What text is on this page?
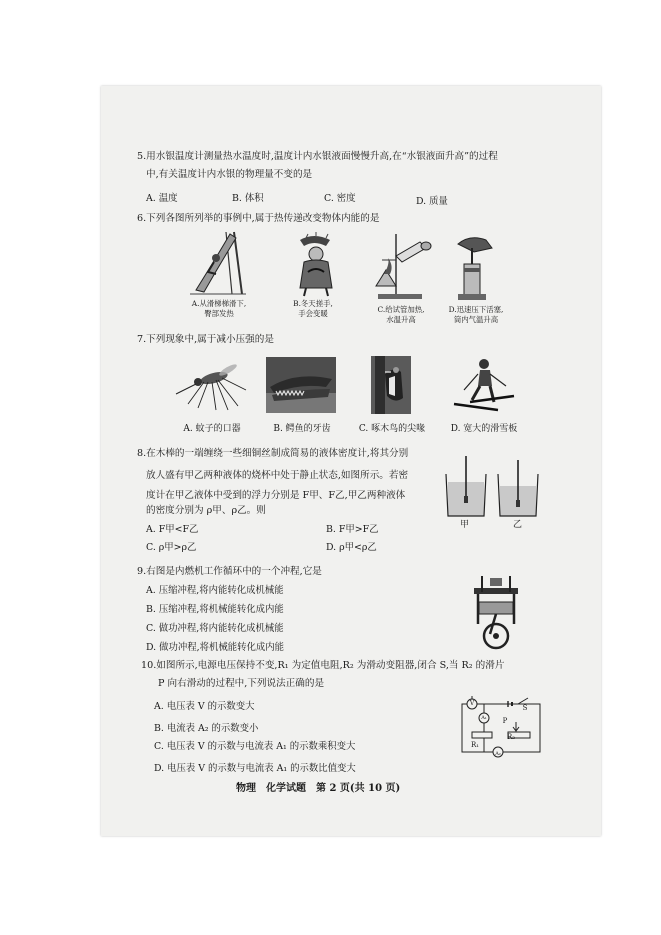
5.用水银温度计测量热水温度时,温度计内水银液面慢慢升高,在“水银液面升高”的过程
中,有关温度计内水银的物理量不变的是
A. 温度	B. 体积	C. 密度	D. 质量
6.下列各图所列举的事例中,属于热传递改变物体内能的是
A.从滑梯梯滑下,
臀部发热
B.冬天搓手,
手会变暖	C.给试管加热,
水温升高
D.迅速压下活塞,
筒内气温升高
7.下列现象中,属于减小压强的是
A. 蚊子的口器	B. 鳄鱼的牙齿	C. 啄木鸟的尖喙	D. 宽大的滑雪板
8.在木棒的一端缠绕一些细铜丝制成简易的液体密度计,将其分别
放人盛有甲乙两种液体的烧杯中处于静止状态,如图所示。若密
度计在甲乙液体中受到的浮力分别是 F甲、F乙,甲乙两种液体
的密度分别为 ρ甲、ρ乙。则
A. F甲<F乙	B. F甲>F乙
C. ρ甲>ρ乙	D. ρ甲<ρ乙
甲	乙
9.右图是内燃机工作循环中的一个冲程,它是
A. 压缩冲程,将内能转化成机械能
B. 压缩冲程,将机械能转化成内能
C. 做功冲程,将内能转化成机械能
D. 做功冲程,将机械能转化成内能
10.如图所示,电源电压保持不变,R₁ 为定值电阻,R₂ 为滑动变阻器,闭合 S,当 R₂ 的滑片
P 向右滑动的过程中,下列说法正确的是
A. 电压表 V 的示数变大
B. 电流表 A₂ 的示数变小
C. 电压表 V 的示数与电流表 A₁ 的示数乘积变大
D. 电压表 V 的示数与电流表 A₁ 的示数比值变大
V
A₁
S
P
R₁
R₂
A₂
物理　化学试题　第 2 页(共 10 页)
